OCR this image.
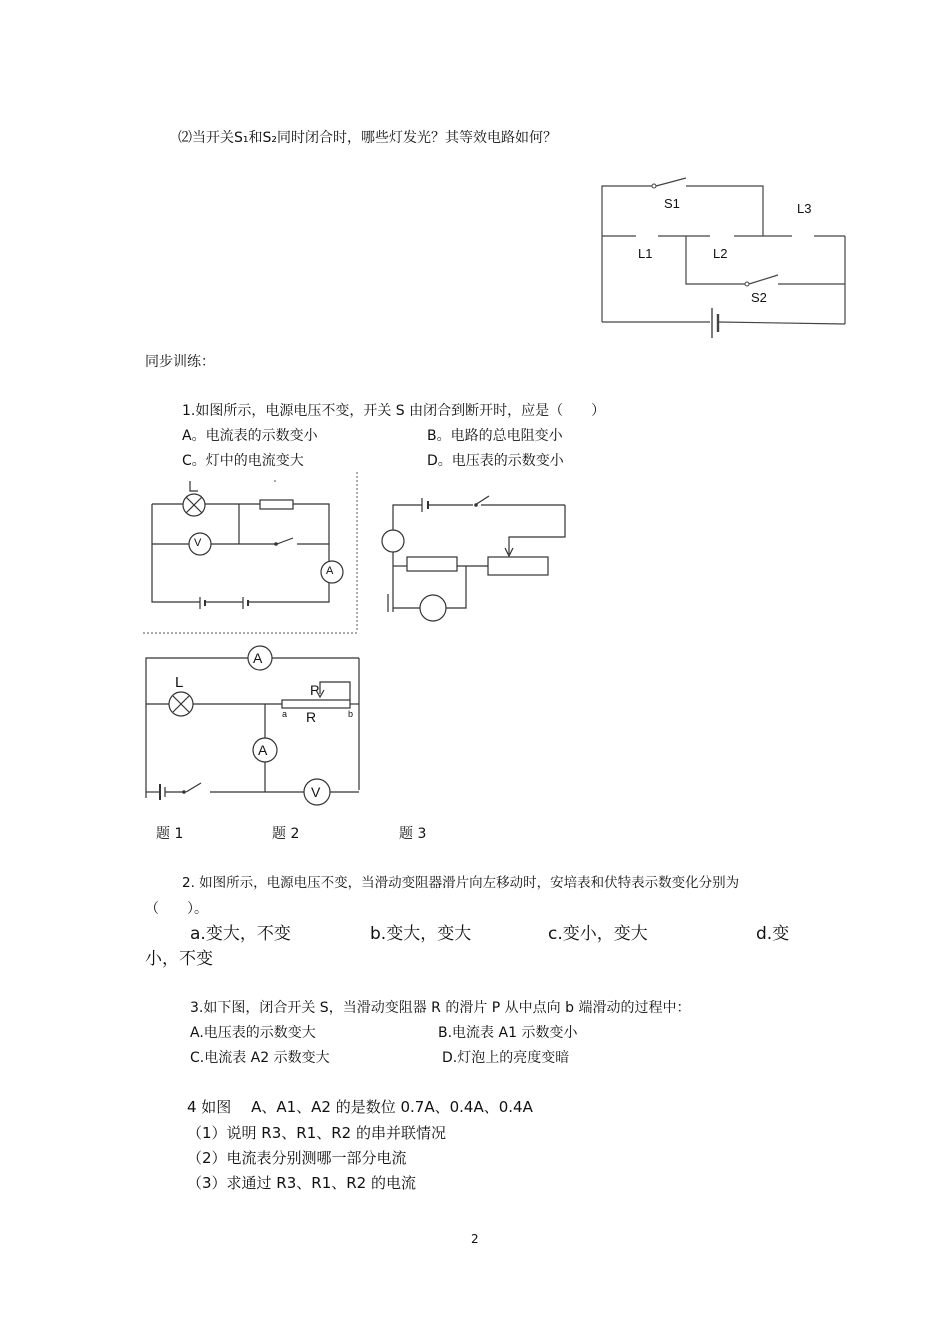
⑵当开关S₁和S₂同时闭合时，哪些灯发光？其等效电路如何？
S1	L3
L1	L2
S2
同步训练：
1.如图所示，电源电压不变，开关 S 由闭合到断开时，应是（　　）
A。电流表的示数变小	B。电路的总电阻变小
C。灯中的电流变大	D。电压表的示数变小
V
A
A
L	P
a R	b
A
V
题 1	题 2	题 3
2. 如图所示，电源电压不变，当滑动变阻器滑片向左移动时，安培表和伏特表示数变化分别为
（　　）。
a.变大，不变	b.变大，变大	c.变小，变大	d.变
小，不变
3.如下图，闭合开关 S，当滑动变阻器 R 的滑片 P 从中点向 b 端滑动的过程中：
A.电压表的示数变大	B.电流表 A1 示数变小
C.电流表 A2 示数变大	D.灯泡上的亮度变暗
4 如图　 A、A1、A2 的是数位 0.7A、0.4A、0.4A
（1）说明 R3、R1、R2 的串并联情况
（2）电流表分别测哪一部分电流
（3）求通过 R3、R1、R2 的电流
2
